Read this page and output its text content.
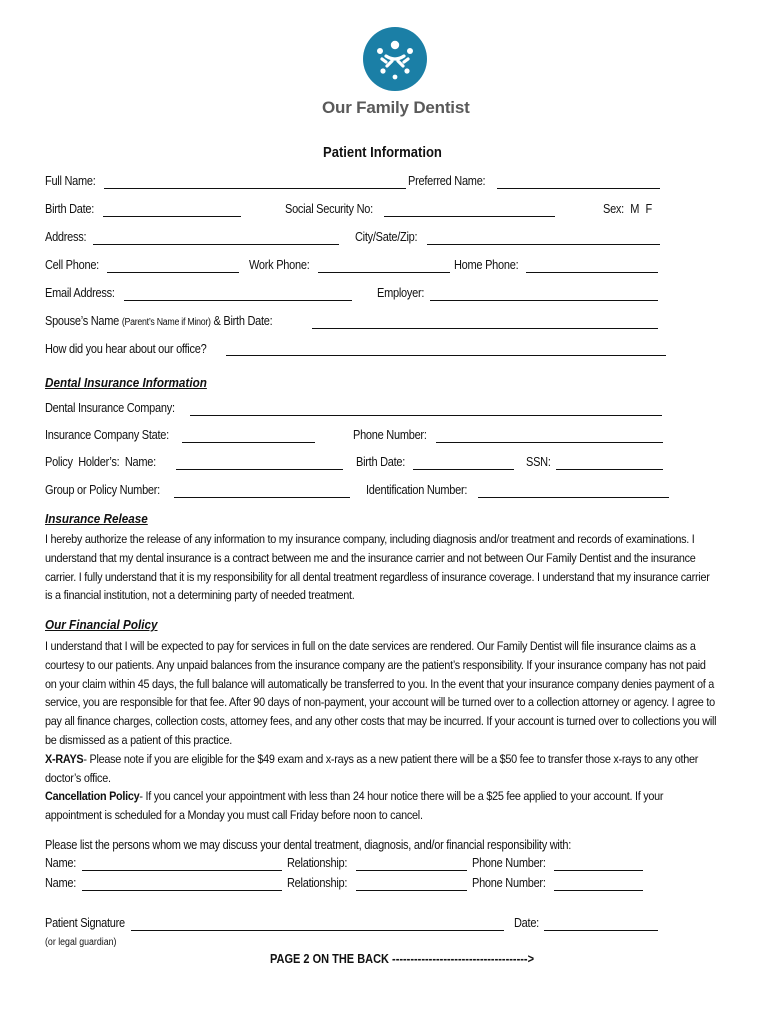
Our Family Dentist
Patient Information
Full Name:	Preferred Name:
Birth Date:	Social Security No:	Sex: M F
Address:	City/Sate/Zip:
Cell Phone:	Work Phone:	Home Phone:
Email Address:	Employer:
Spouse’s Name (Parent’s Name if Minor) & Birth Date:
How did you hear about our office?
Dental Insurance Information
Dental Insurance Company:
Insurance Company State:	Phone Number:
Policy Holder’s: Name:	Birth Date:	SSN:
Group or Policy Number:	Identification Number:
Insurance Release
I hereby authorize the release of any information to my insurance company, including diagnosis and/or treatment and records of examinations. I understand that my dental insurance is a contract between me and the insurance carrier and not between Our Family Dentist and the insurance carrier. I fully understand that it is my responsibility for all dental treatment regardless of insurance coverage. I understand that my insurance carrier is a financial institution, not a determining party of needed treatment.
Our Financial Policy

I understand that I will be expected to pay for services in full on the date services are rendered. Our Family Dentist will file insurance claims as a courtesy to our patients. Any unpaid balances from the insurance company are the patient’s responsibility. If your insurance company has not paid on your claim within 45 days, the full balance will automatically be transferred to you. In the event that your insurance company denies payment of a service, you are responsible for that fee. After 90 days of non-payment, your account will be turned over to a collection attorney or agency. I agree to pay all finance charges, collection costs, attorney fees, and any other costs that may be incurred. If your account is turned over to collections you will be dismissed as a patient of this practice.

X-RAYS- Please note if you are eligible for the $49 exam and x-rays as a new patient there will be a $50 fee to transfer those x-rays to any other doctor’s office.

Cancellation Policy- If you cancel your appointment with less than 24 hour notice there will be a $25 fee applied to your account. If your appointment is scheduled for a Monday you must call Friday before noon to cancel.

Please list the persons whom we may discuss your dental treatment, diagnosis, and/or financial responsibility with:
Name:	Relationship:	Phone Number:
Name:	Relationship:	Phone Number:
Patient Signature	Date:
(or legal guardian)
PAGE 2 ON THE BACK ------------------------------------->
